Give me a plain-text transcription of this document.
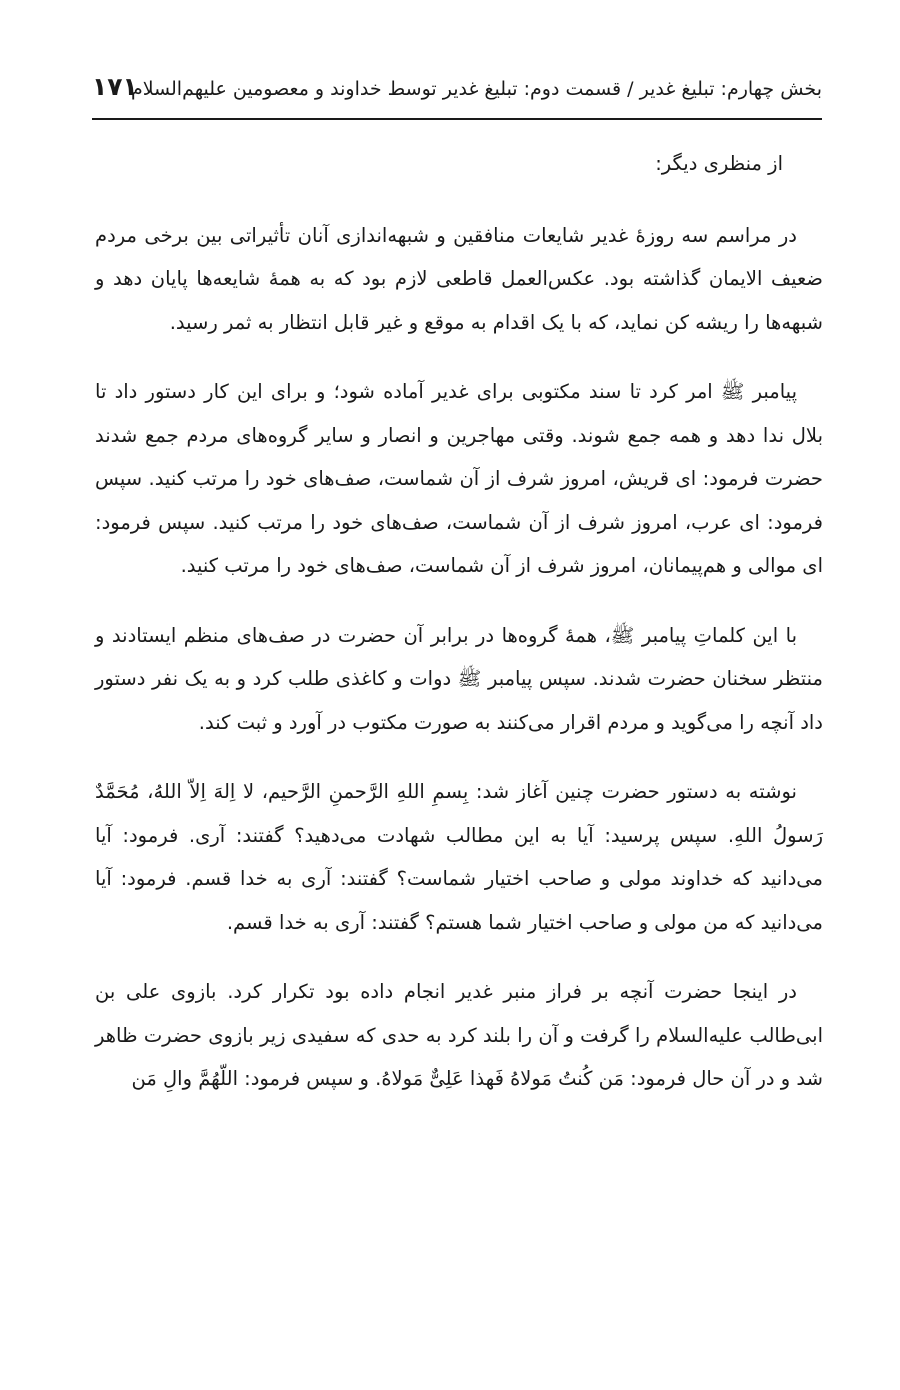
بخش چهارم: تبلیغ غدیر / قسمت دوم: تبلیغ غدیر توسط خداوند و معصومین علیهم‌السلام
۱۷۱
از منظری دیگر:

در مراسم سه روزهٔ غدیر شایعات منافقین و شبهه‌اندازی آنان تأثیراتی بین برخی مردم ضعیف الایمان گذاشته بود. عکس‌العمل قاطعی لازم بود که به همهٔ شایعه‌ها پایان دهد و شبهه‌ها را ریشه کن نماید، که با یک اقدام به موقع و غیر قابل انتظار به ثمر رسید.

پیامبر ﷺ امر کرد تا سند مکتوبی برای غدیر آماده شود؛ و برای این کار دستور داد تا بلال ندا دهد و همه جمع شوند. وقتی مهاجرین و انصار و سایر گروه‌های مردم جمع شدند حضرت فرمود: ای قریش، امروز شرف از آن شماست، صف‌های خود را مرتب کنید. سپس فرمود: ای عرب، امروز شرف از آن شماست، صف‌های خود را مرتب کنید. سپس فرمود: ای موالی و هم‌پیمانان، امروز شرف از آن شماست، صف‌های خود را مرتب کنید.

با این کلماتِ پیامبر ﷺ، همهٔ گروه‌ها در برابر آن حضرت در صف‌های منظم ایستادند و منتظر سخنان حضرت شدند. سپس پیامبر ﷺ دوات و کاغذی طلب کرد و به یک نفر دستور داد آنچه را می‌گوید و مردم اقرار می‌کنند به صورت مکتوب در آورد و ثبت کند.

نوشته به دستور حضرت چنین آغاز شد: بِسمِ اللهِ الرَّحمنِ الرَّحیم، لا اِلهَ اِلاّ اللهُ، مُحَمَّدٌ رَسولُ اللهِ. سپس پرسید: آیا به این مطالب شهادت می‌دهید؟ گفتند: آری. فرمود: آیا می‌دانید که خداوند مولی و صاحب اختیار شماست؟ گفتند: آری به خدا قسم. فرمود: آیا می‌دانید که من مولی و صاحب اختیار شما هستم؟ گفتند: آری به خدا قسم.

در اینجا حضرت آنچه بر فراز منبر غدیر انجام داده بود تکرار کرد. بازوی علی بن ابی‌طالب علیه‌السلام را گرفت و آن را بلند کرد به حدی که سفیدی زیر بازوی حضرت ظاهر شد و در آن حال فرمود: مَن کُنتُ مَولاهُ فَهذا عَلِیٌّ مَولاهُ. و سپس فرمود: اللّهُمَّ والِ مَن
